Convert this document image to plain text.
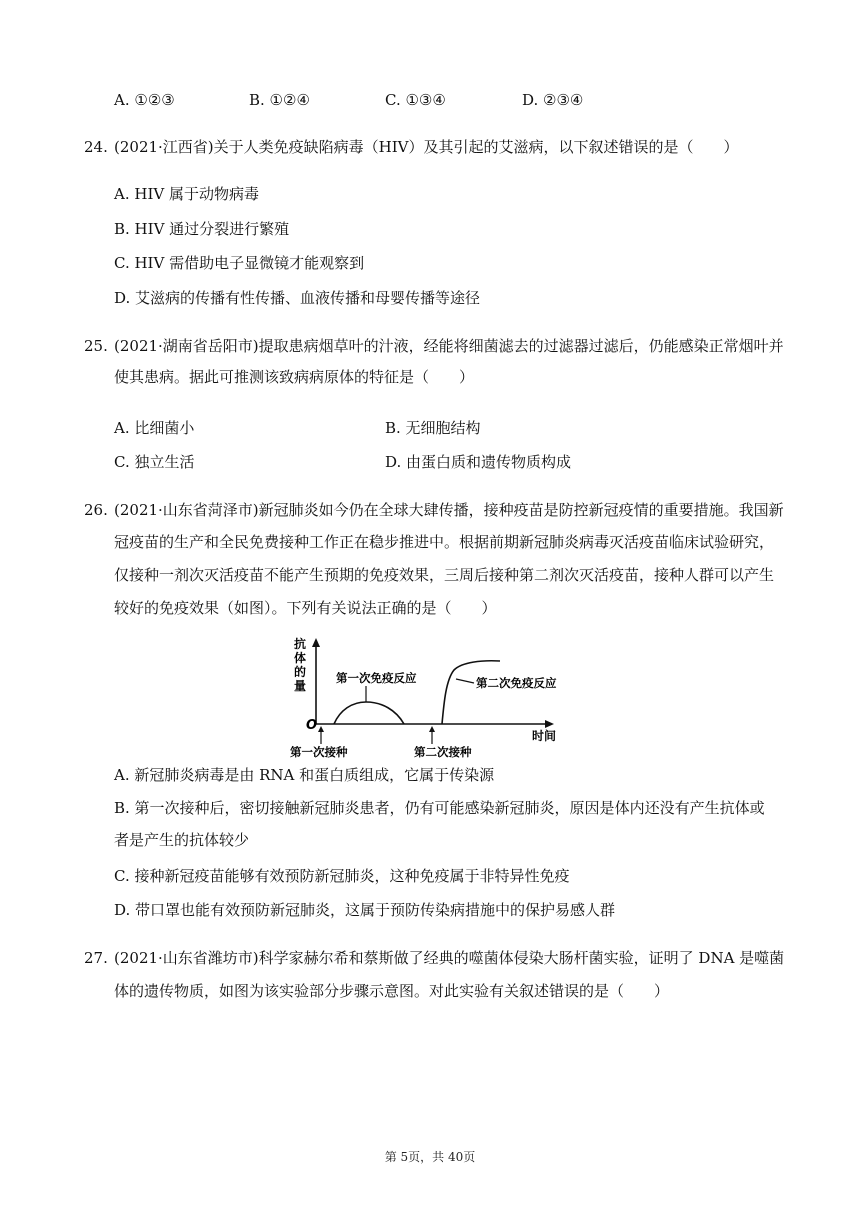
A. ①②③	B. ①②④	C. ①③④	D. ②③④
24. (2021·江西省)关于人类免疫缺陷病毒（HIV）及其引起的艾滋病，以下叙述错误的是（　　）
A. HIV 属于动物病毒
B. HIV 通过分裂进行繁殖
C. HIV 需借助电子显微镜才能观察到
D. 艾滋病的传播有性传播、血液传播和母婴传播等途径
25. (2021·湖南省岳阳市)提取患病烟草叶的汁液，经能将细菌滤去的过滤器过滤后，仍能感染正常烟叶并
使其患病。据此可推测该致病病原体的特征是（　　）
A. 比细菌小	B. 无细胞结构
C. 独立生活	D. 由蛋白质和遗传物质构成
26. (2021·山东省菏泽市)新冠肺炎如今仍在全球大肆传播，接种疫苗是防控新冠疫情的重要措施。我国新
冠疫苗的生产和全民免费接种工作正在稳步推进中。根据前期新冠肺炎病毒灭活疫苗临床试验研究，
仅接种一剂次灭活疫苗不能产生预期的免疫效果，三周后接种第二剂次灭活疫苗，接种人群可以产生
较好的免疫效果（如图）。下列有关说法正确的是（　　）
抗
体
的
量
O
第一次免疫反应	第二次免疫反应
第一次接种	第二次接种
时间
A. 新冠肺炎病毒是由 RNA 和蛋白质组成，它属于传染源
B. 第一次接种后，密切接触新冠肺炎患者，仍有可能感染新冠肺炎，原因是体内还没有产生抗体或
者是产生的抗体较少
C. 接种新冠疫苗能够有效预防新冠肺炎，这种免疫属于非特异性免疫
D. 带口罩也能有效预防新冠肺炎，这属于预防传染病措施中的保护易感人群
27. (2021·山东省潍坊市)科学家赫尔希和蔡斯做了经典的噬菌体侵染大肠杆菌实验，证明了 DNA 是噬菌
体的遗传物质，如图为该实验部分步骤示意图。对此实验有关叙述错误的是（　　）
第 5页，共 40页
